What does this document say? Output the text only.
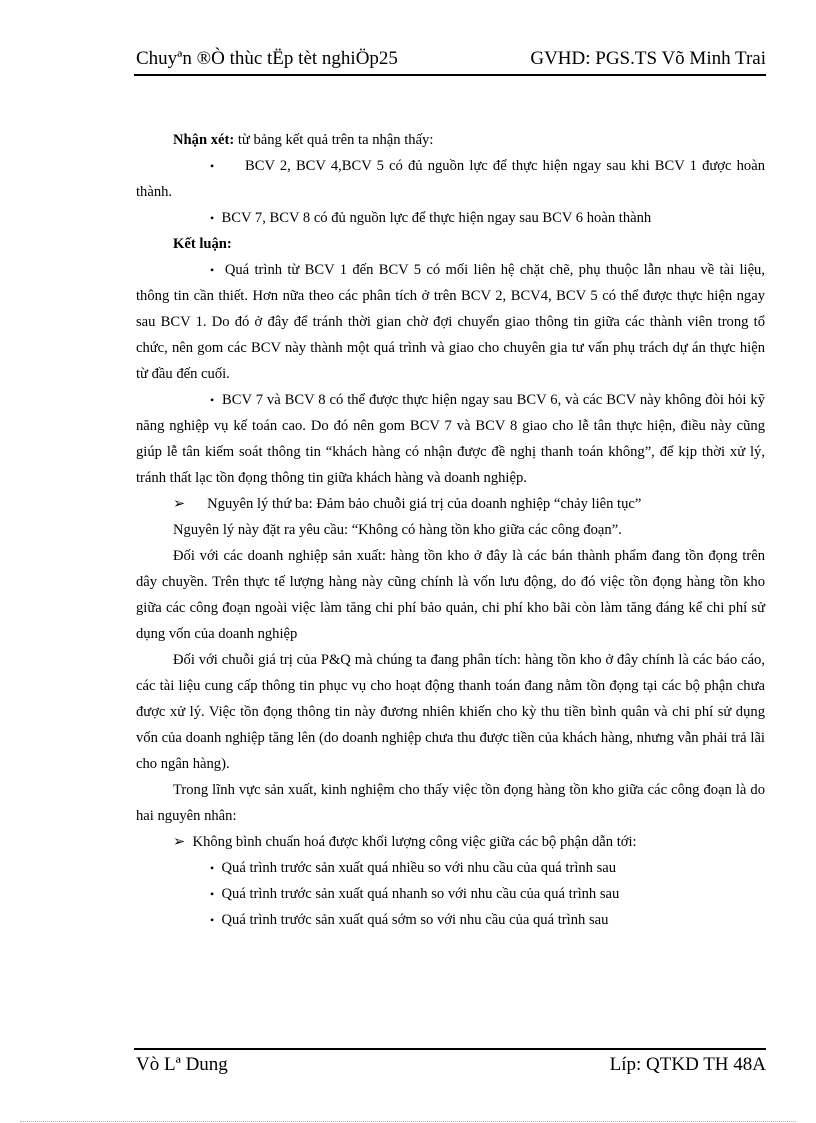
Chuyªn ®Ò thùc tËp tèt nghiÖp25	GVHD: PGS.TS Võ Minh Trai

Nhận xét: từ bảng kết quả trên ta nhận thấy:

• BCV 2, BCV 4,BCV 5 có đủ nguồn lực để thực hiện ngay sau khi BCV 1 được hoàn thành.

• BCV 7, BCV 8 có đủ nguồn lực để thực hiện ngay sau BCV 6 hoàn thành

Kết luận:

• Quá trình từ BCV 1 đến BCV 5 có mối liên hệ chặt chẽ, phụ thuộc lẫn nhau về tài liệu, thông tin cần thiết. Hơn nữa theo các phân tích ở trên BCV 2, BCV4, BCV 5 có thể được thực hiện ngay sau BCV 1. Do đó ở đây để tránh thời gian chờ đợi chuyển giao thông tin giữa các thành viên trong tổ chức, nên gom các BCV này thành một quá trình và giao cho chuyên gia tư vấn phụ trách dự án thực hiện từ đầu đến cuối.

• BCV 7 và BCV 8 có thể được thực hiện ngay sau BCV 6, và các BCV này không đòi hỏi kỹ năng nghiệp vụ kế toán cao. Do đó nên gom BCV 7 và BCV 8 giao cho lễ tân thực hiện, điều này cũng giúp lễ tân kiểm soát thông tin “khách hàng có nhận được đề nghị thanh toán không”, để kịp thời xử lý, tránh thất lạc tồn đọng thông tin giữa khách hàng và doanh nghiệp.

➢ Nguyên lý thứ ba: Đảm bảo chuỗi giá trị của doanh nghiệp “chảy liên tục”

Nguyên lý này đặt ra yêu cầu: “Không có hàng tồn kho giữa các công đoạn”.

Đối với các doanh nghiệp sản xuất: hàng tồn kho ở đây là các bán thành phẩm đang tồn đọng trên dây chuyền. Trên thực tế lượng hàng này cũng chính là vốn lưu động, do đó việc tồn đọng hàng tồn kho giữa các công đoạn ngoài việc làm tăng chi phí bảo quản, chi phí kho bãi còn làm tăng đáng kể chi phí sử dụng vốn của doanh nghiệp

Đối với chuỗi giá trị của P&Q mà chúng ta đang phân tích: hàng tồn kho ở đây chính là các báo cáo, các tài liệu cung cấp thông tin phục vụ cho hoạt động thanh toán đang nằm tồn đọng tại các bộ phận chưa được xử lý. Việc tồn đọng thông tin này đương nhiên khiến cho kỳ thu tiền bình quân và chi phí sử dụng vốn của doanh nghiệp tăng lên (do doanh nghiệp chưa thu được tiền của khách hàng, nhưng vẫn phải trả lãi cho ngân hàng).

Trong lĩnh vực sản xuất, kinh nghiệm cho thấy việc tồn đọng hàng tồn kho giữa các công đoạn là do hai nguyên nhân:

➢ Không bình chuẩn hoá được khối lượng công việc giữa các bộ phận dẫn tới:

• Quá trình trước sản xuất quá nhiều so với nhu cầu của quá trình sau

• Quá trình trước sản xuất quá nhanh so với nhu cầu của quá trình sau

• Quá trình trước sản xuất quá sớm so với nhu cầu của quá trình sau

Vò Lª Dung	Líp: QTKD TH 48A
